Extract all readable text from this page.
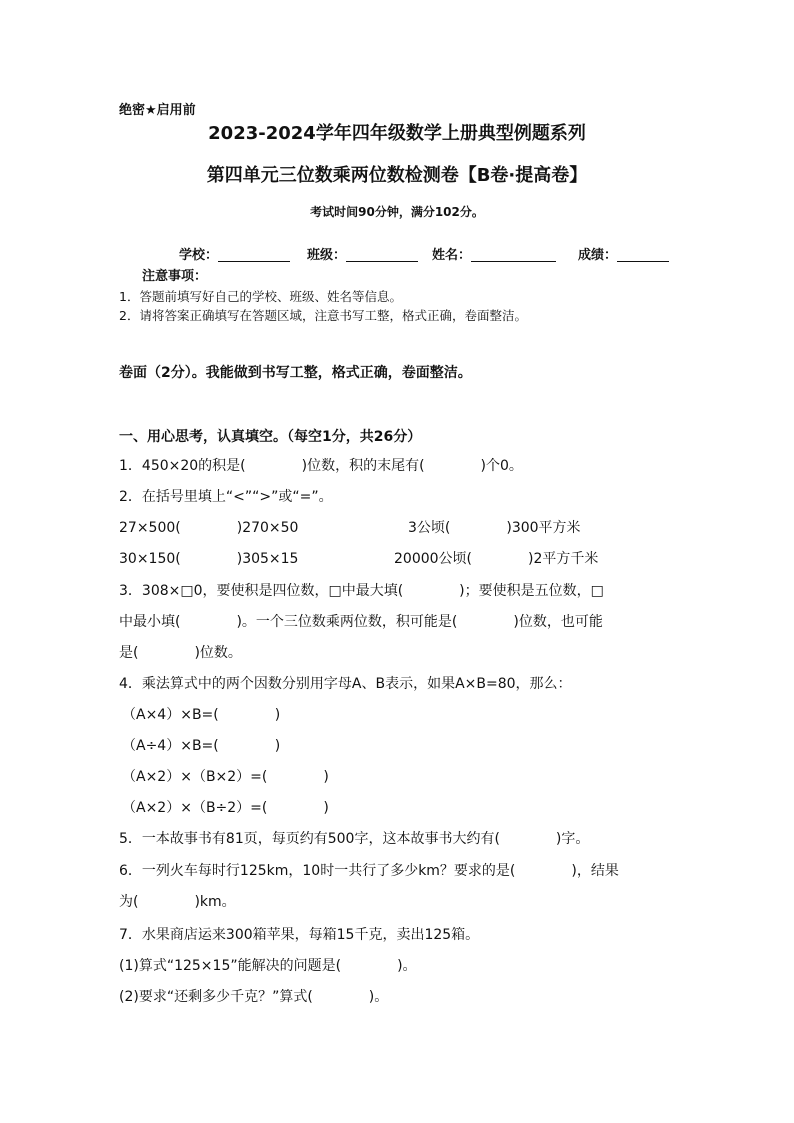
绝密★启用前
2023-2024学年四年级数学上册典型例题系列
第四单元三位数乘两位数检测卷【B卷·提高卷】
考试时间90分钟，满分102分。
学校：	班级：	姓名：	成绩：
注意事项：
1．答题前填写好自己的学校、班级、姓名等信息。
2．请将答案正确填写在答题区域，注意书写工整，格式正确，卷面整洁。
卷面（2分）。我能做到书写工整，格式正确，卷面整洁。
一、用心思考，认真填空。（每空1分，共26分）
1．450×20的积是(　　　　)位数，积的末尾有(　　　　)个0。
2．在括号里填上“<”“>”或“=”。
27×500(　　　　)270×50	3公顷(　　　　)300平方米
30×150(　　　　)305×15	20000公顷(　　　　)2平方千米
3．308×□0，要使积是四位数，□中最大填(　　　　)；要使积是五位数，□
中最小填(　　　　)。一个三位数乘两位数，积可能是(　　　　)位数，也可能
是(　　　　)位数。
4．乘法算式中的两个因数分别用字母A、B表示，如果A×B=80，那么：
（A×4）×B=(　　　　)
（A÷4）×B=(　　　　)
（A×2）×（B×2）=(　　　　)
（A×2）×（B÷2）=(　　　　)
5．一本故事书有81页，每页约有500字，这本故事书大约有(　　　　)字。
6．一列火车每时行125km，10时一共行了多少km？要求的是(　　　　)，结果
为(　　　　)km。
7．水果商店运来300箱苹果，每箱15千克，卖出125箱。
(1)算式“125×15”能解决的问题是(　　　　)。
(2)要求“还剩多少千克？”算式(　　　　)。
